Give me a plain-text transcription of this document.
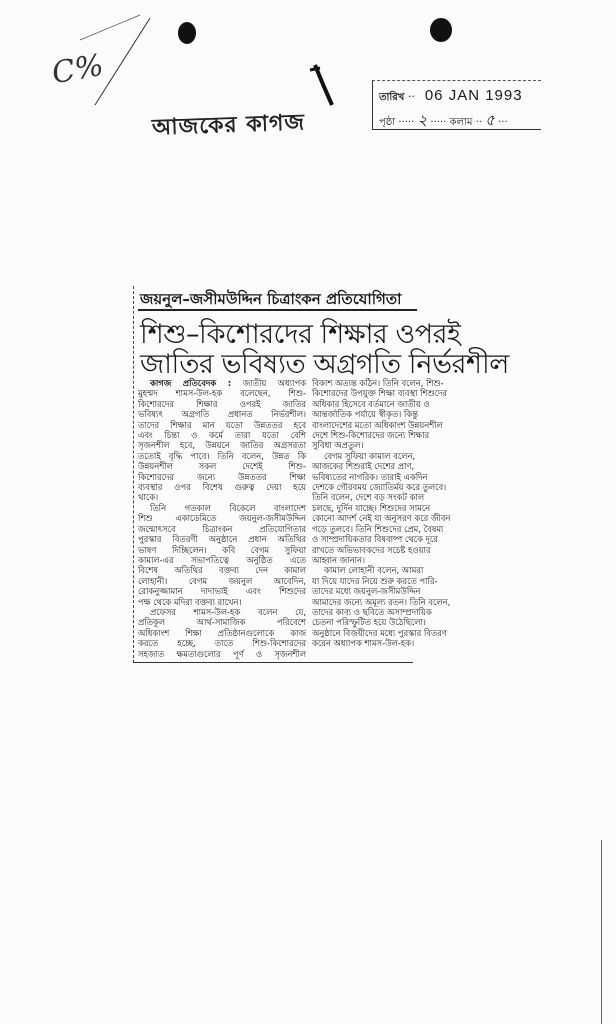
C%
আজকের কাগজ
তারিখ ·· 06 JAN 1993
পৃষ্ঠা ····· ২ ····· কলাম ·· ৫ ···
জয়নুল–জসীমউদ্দিন চিত্রাংকন প্রতিযোগিতা
শিশু–কিশোরদের শিক্ষার ওপরই
জাতির ভবিষ্যত অগ্রগতি নির্ভরশীল
কাগজ প্রতিবেদক : জাতীয় অধ্যাপক
মুহম্মদ শামস-উল-হক বলেছেন, শিশু-
কিশোরদের শিক্ষার ওপরই জাতির
ভবিষ্যৎ অগ্রগতি প্রধানত নির্ভরশীল।
তাদের শিক্ষার মান যতো উন্নততর হবে
এবং চিন্তা ও কর্মে তারা যতো বেশি
সৃজনশীল হবে, উন্নয়নে জাতির অগ্রসরতা
ততোই বৃদ্ধি পাবে। তিনি বলেন, উন্নত কি
উন্নয়নশীল সকল দেশেই শিশু-
কিশোরদের জন্যে উন্নততর শিক্ষা
ব্যবস্থার ওপর বিশেষ গুরুত্ব দেয়া হয়ে
থাকে।
তিনি গতকাল বিকেলে বাংলাদেশ
শিশু একাডেমিতে জয়নুল-জসীমউদ্দিন
জন্মোৎসবে চিত্রাংকন প্রতিযোগিতার
পুরস্কার বিতরণী অনুষ্ঠানে প্রধান অতিথির
ভাষণ দিচ্ছিলেন। কবি বেগম সুফিয়া
কামাল-এর সভাপতিত্বে অনুষ্ঠিত এতে
বিশেষ অতিথির বক্তব্য দেন কামাল
লোহানী। বেগম জয়নুল আবেদিন,
রোকনুজ্জামান দাদাভাই এবং শিশুদের
পক্ষ থেকে মদিরা বক্তব্য রাখেন।
প্রফেসর শামস-উল-হক বলেন যে,
প্রতিকূল আর্থ-সামাজিক পরিবেশে
অধিকাংশ শিক্ষা প্রতিষ্ঠানগুলোকে কাজ
করতে হচ্ছে, তাতে শিশু-কিশোরদের
সহজাত ক্ষমতাগুলোর পূর্ণ ও সৃজনশীল
বিকাশ অত্যন্ত কঠিন। তিনি বলেন, শিশু-
কিশোরদের উপযুক্ত শিক্ষা ব্যবস্থা শিশুদের
অধিকার হিসেবে বর্তমানে জাতীয় ও
আন্তর্জাতিক পর্যায়ে স্বীকৃত। কিন্তু
বাংলাদেশের মতো অধিকাংশ উন্নয়নশীল
দেশে শিশু-কিশোরদের জন্যে শিক্ষার
সুবিধা অপ্রতুল।
বেগম সুফিয়া কামাল বলেন,
আজকের শিশুরাই দেশের প্রাণ,
ভবিষ্যতের নাগরিক। তারাই একদিন
দেশকে গৌরবময় জ্যোতির্ময় করে তুলবে।
তিনি বলেন, দেশে বড় সংকট কাল
চলছে, দুর্দিন যাচ্ছে। শিশুদের সামনে
কোনো আদর্শ নেই যা অনুসরণ করে জীবন
গড়ে তুলবে। তিনি শিশুদের প্রেম, বৈষম্য
ও সাম্প্রদায়িকতার বিষবাষ্প থেকে দূরে
রাখতে অভিভাবকদের সচেষ্ট হওয়ার
আহ্বান জানান।
কামাল লোহানী বলেন, আমরা
যা দিয়ে যাদের নিয়ে শুরু করতে পারি-
তাদের মধ্যে জয়নুল-জসীমউদ্দিন
আমাদের জন্যে অমূল্য রতন। তিনি বলেন,
তাদের কাব্য ও ছবিতে অসাম্প্রদায়িক
চেতনা পরিস্ফুটিত হয়ে উঠেছিলো।
অনুষ্ঠানে বিজয়ীদের মধ্যে পুরস্কার বিতরণ
করেন অধ্যাপক শামস-উল-হক।
